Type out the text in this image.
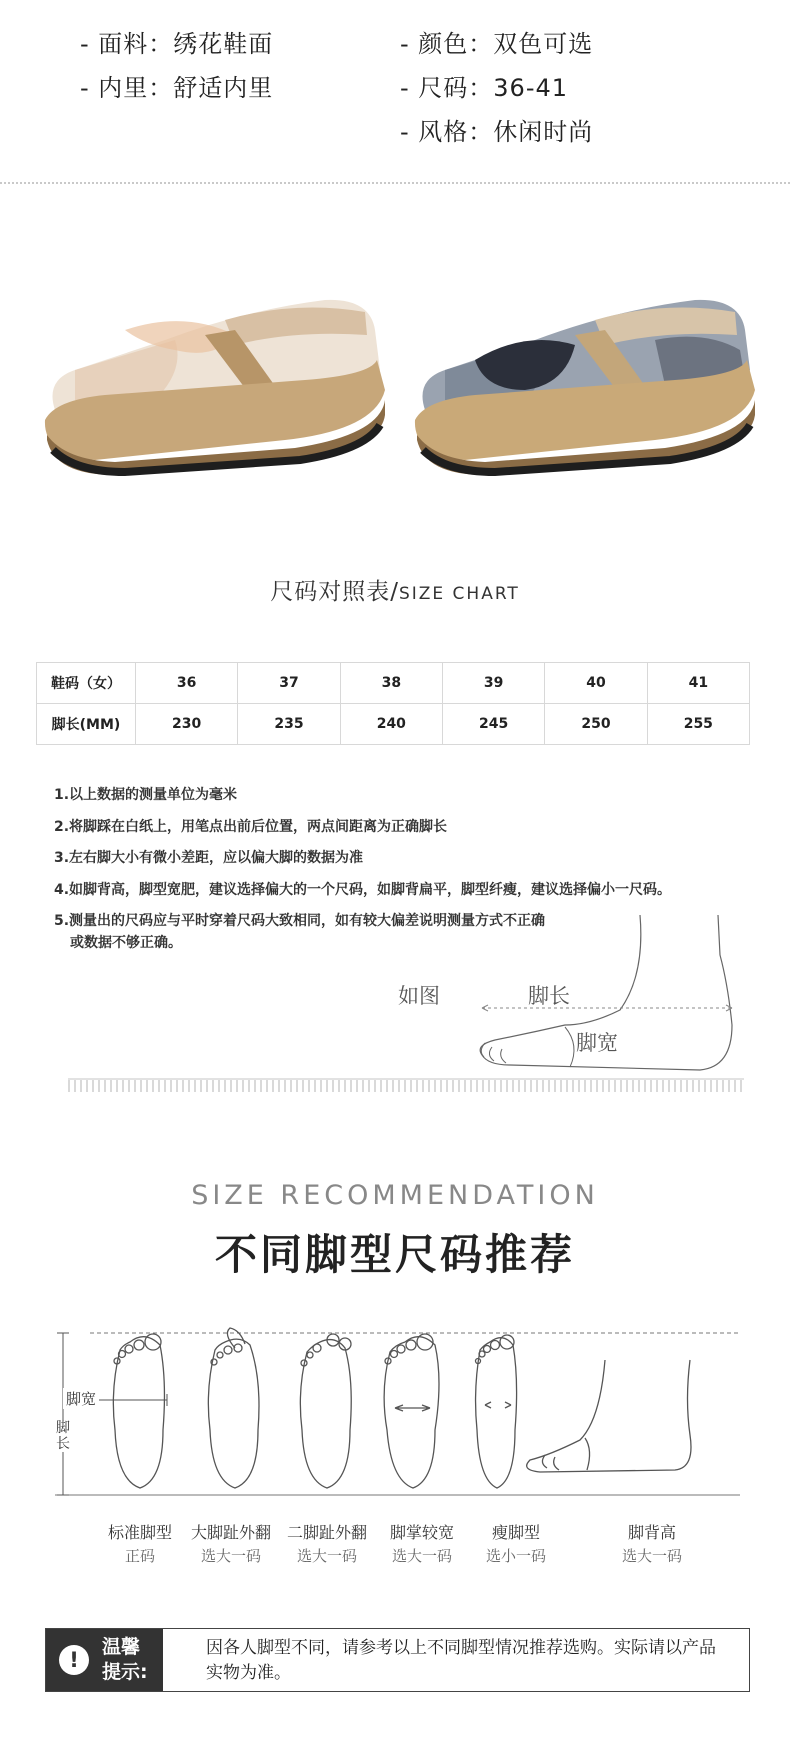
- 面料：绣花鞋面
- 内里：舒适内里
- 颜色：双色可选
- 尺码：36-41
- 风格：休闲时尚
尺码对照表/SIZE CHART
鞋码（女）	36	37	38	39	40	41
脚长(MM)	230	235	240	245	250	255
1.以上数据的测量单位为毫米
2.将脚踩在白纸上，用笔点出前后位置，两点间距离为正确脚长
3.左右脚大小有微小差距，应以偏大脚的数据为准
4.如脚背高，脚型宽肥，建议选择偏大的一个尺码，如脚背扁平，脚型纤瘦，建议选择偏小一尺码。
5.测量出的尺码应与平时穿着尺码大致相同，如有较大偏差说明测量方式不正确
或数据不够正确。
如图	脚长
脚宽
SIZE RECOMMENDATION
不同脚型尺码推荐
脚宽
脚长
标准脚型
正码
大脚趾外翻
选大一码
二脚趾外翻
选大一码
脚掌较宽
选大一码
瘦脚型
选小一码
脚背高
选大一码
!
温馨
提示:
因各人脚型不同，请参考以上不同脚型情况推荐选购。实际请以产品实物为准。
